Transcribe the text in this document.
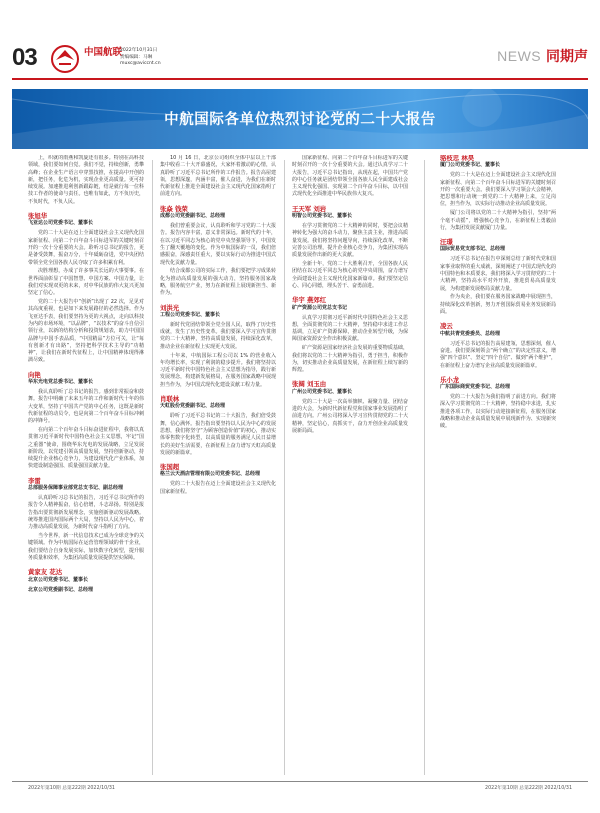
03	中国航联
2022年10月31日
责编编辑：马琳
muxc@aviccnt.cn	NEWS 同期声
中航国际各单位热烈讨论党的二十大报告

上，织就的雨燕和凯旋还有很多。特别在高科技领域，我们要如何自觉。我们不觉，持续创新，勇攀高峰；在企业生产语言中穿黑技推，在提高中开创的新，把任务，化危为机，实现企业更高质量。更可持续发展。加速推进利创新跟踪链，结是就行每一位科技工作者的使命与责任。也唯有如此，方不负历史，不负时代，不负人民。

张旭华
飞亚达公司党委书记、董事长

党的二十大是在迈上全面建设社会主义现代化国家新征程、向第二个百年奋斗目标进军的关键时刻召开的一次十分重要的大会。聆听习总书记的报告，更是备受鼓舞，振奋万分，十年砥砺奋进，党中央团结带领全党全国各族人民夺取了许多积累有利。

决胜理想，办成了许多事关长远的大事要事。在世界面前彰显了中国智慧、中国方案、中国力量，让我们对实现双更的未来，对中华民族的伟大复兴更加坚定了信心。

党的二十大报告中“创新”出现了 22 次，足见对其高度重视，也是如下来发展路径的必然选择。作为飞亚达手表，我们要坚持为更的大视点，走向以科技为内的市场环境，“以品牌”，“以技术”的奋斗自信引领行业，以新的结构分析和投资规划表，助力中国国品牌与中国手表品质，“中国精品”方位可关，让“每有创新才有出路”，坚持把科学技术主导的“功精神”，让我们在新时代征程上，让中国精神体现得淋漓尽致。

向艳
华东光电党总委书记、董事长

我认真聆听了总书记的报告。感到非常振奋和鼓舞。报告中明确了未来五年的工作和新时代十年的伟大变革，坚持了中国共产党的中心任务，这既是新时代新征程的动员令，也是向第二个百年奋斗目标冲刺的冲锋号。

在向第二个百年奋斗目标奋进征程中，我将以真贯彻习近平新时代中国特色社会主义思想，牢记“国之重器”使命，围绕华东光电的发展战略，立足发展新阶段，以党建引领高质量发展，坚持创新驱动，持续提升企业核心竞争力，为建设现代化产业体系，加快建设制造强国、质量强国贡献力量。

李雷
总部服务保障事业部党总支书记、副总经理

认真聆听习总书记的报告，习近平总书记所作的报告令人精神振奋，信心倍增，斗志昂扬。特别是报告指出要贯彻新发展理念，实施创新驱动发展战略。统筹推进国内国际两个大局，坚持以人民为中心，着力推动高质量发展，为新时代奋斗指明了方向。

当今世界，新一代信息技术已成为全球竞争的关键领域。作为中航国际在运营管理领域的骨干企业，我们要结合自身发展实际，加快数字化转型，提升服务质量和效率，为集团高质量发展提供坚实保障。

黄家友 花达
北京公司党委书记、董事长
北京公司党委副书记、总经理

10 月 16 日，北京公司组织全体中层以上干部集中收看二十大开幕盛况，大家怀着激动的心情，认真聆听了习近平总书记所作的工作报告。报告高屋建瓴，思想深邃，内涵丰富，催人奋进，为我们在新时代新征程上推进全面建设社会主义现代化国家指明了前进方向。

张焱 钱荣
成都公司党委副书记、总经理

我们曾重要会议，认真聆听和学习党的二十大报告。报告内容丰富，意义非常深远。新时代的十年，在以习近平同志为核心的党中央坚强领导下，中国发生了翻天覆地的变化。作为中航国际的一员，我们倍感振奋，深感责任重大，要以实际行动为推进中国式现代化贡献力量。

结合成都公司的实际工作，我们要把学习成果转化为推动高质量发展的强大动力，坚持服务国家战略，服务航空产业，努力在新征程上展现新担当、新作为。

刘洪光
工程公司党委书记、董事长

新时代党团结带领全党全国人民，取得了历史性成就，发生了历史性变革。我们要深入学习宣传贯彻党的二十大精神，坚持高质量发展，持续深化改革，推动企业在新征程上实现更大发展。

十年来，中航国际工程公司以 1% 的营业收入年均增长率，实现了利润的稳步提升。我们将坚持以习近平新时代中国特色社会主义思想为指导，践行新发展理念，构建新发展格局，在服务国家战略中展现担当作为，为中国式现代化建设贡献工程力量。

肖联林
天虹股份党委副书记、总经理

聆听了习近平总书记的二十大报告，我们倍受鼓舞，信心满怀。报告指出要坚持以人民为中心的发展思想，我们将坚守“为顾客创造价值”的初心，推动实体零售数字化转型，以高质量的服务满足人民日益增长的美好生活需要，在新征程上奋力谱写天虹高质量发展的新篇章。

张国超
格兰云天酒店管理有限公司党委书记、总经理

党的二十大报告在迈上全面建设社会主义现代化国家新征程。

国家新征程、向第二个百年奋斗目标进军的关键时刻召开的一次十分重要的大会。通过认真学习二十大报告，习近平总书记指出，从现在起，中国共产党的中心任务就是团结带领全国各族人民全面建成社会主义现代化强国、实现第二个百年奋斗目标，以中国式现代化全面推进中华民族伟大复兴。

王天军 刘岩
明智公司党委书记、董事长

在学习贯彻党的二十大精神的同时，要把会议精神转化为强大的奋斗动力，聚焦主责主业，推进高质量发展。我们将坚持问题导向，持续深化改革，不断完善公司治理，提升企业核心竞争力，为集团实现高质量发展作出新的更大贡献。

全新十年，党的二十大胜利召开，全国各族人民团结在以习近平同志为核心的党中央周围，奋力谱写全面建设社会主义现代化国家新篇章。我们要坚定信心、同心同德，埋头苦干、奋勇前进。

华宇 燕郊红
矿产资源公司党总支书记

认真学习贯彻习近平新时代中国特色社会主义思想，全面贯彻党的二十大精神，坚持稳中求进工作总基调，立足矿产资源保障，推动企业转型升级，为保障国家资源安全作出积极贡献。

矿产资源是国家经济社会发展的重要物质基础，我们将以党的二十大精神为指引，勇于担当，积极作为，切实推动企业高质量发展，在新征程上续写新的辉煌。

张阔 刘玉由
广州公司党委书记、董事长

党的二十大是一次高举旗帜、凝聚力量、团结奋进的大会，为新时代新征程党和国家事业发展指明了前进方向。广州公司将深入学习宣传贯彻党的二十大精神，坚定信心，真抓实干，奋力开创企业高质量发展新局面。

骆枝忠 林昊
厦门公司党委书记、董事长

党的二十大是在迈上全面建设社会主义现代化国家新征程、向第二个百年奋斗目标进军的关键时刻召开的一次重要大会。我们要深入学习领会大会精神，把思想和行动统一到党的二十大精神上来，立足岗位，担当作为，以实际行动推动企业高质量发展。

厦门公司将以党的二十大精神为指引，坚持“两个毫不动摇”，增强核心竞争力，在新征程上勇毅前行，为集团发展贡献厦门力量。

汪璟
国际贸易党支部书记、总经理

习近平总书记在报告中深刻总结了新时代党和国家事业取得的重大成就，深刻阐述了中国式现代化的中国特色和本质要求。我们将深入学习贯彻党的二十大精神，坚持高水平对外开放，推进贸易高质量发展，为构建新发展格局贡献力量。

作为央企，我们要在服务国家战略中展现担当，持续深化改革创新，努力开创国际贸易业务发展新局面。

凌云
中航共青党委委员、总经理

习近平总书记的报告高屋建瓴，思想深刻，催人奋进。我们要深刻领会“两个确立”的决定性意义，增强“四个意识”、坚定“四个自信”、做到“两个维护”，在新征程上奋力谱写企业高质量发展新篇章。

乐小龙
广东国际商贸党委书记、总经理

党的二十大报告为我们指明了前进方向。我们将深入学习贯彻党的二十大精神，坚持稳中求进，扎实推进各项工作，以实际行动迎接新征程，在服务国家战略和推动企业高质量发展中展现新作为、实现新突破。

2022年第10期 总第222期 2022/10/31	2022年第10期 总第222期 2022/10/31
